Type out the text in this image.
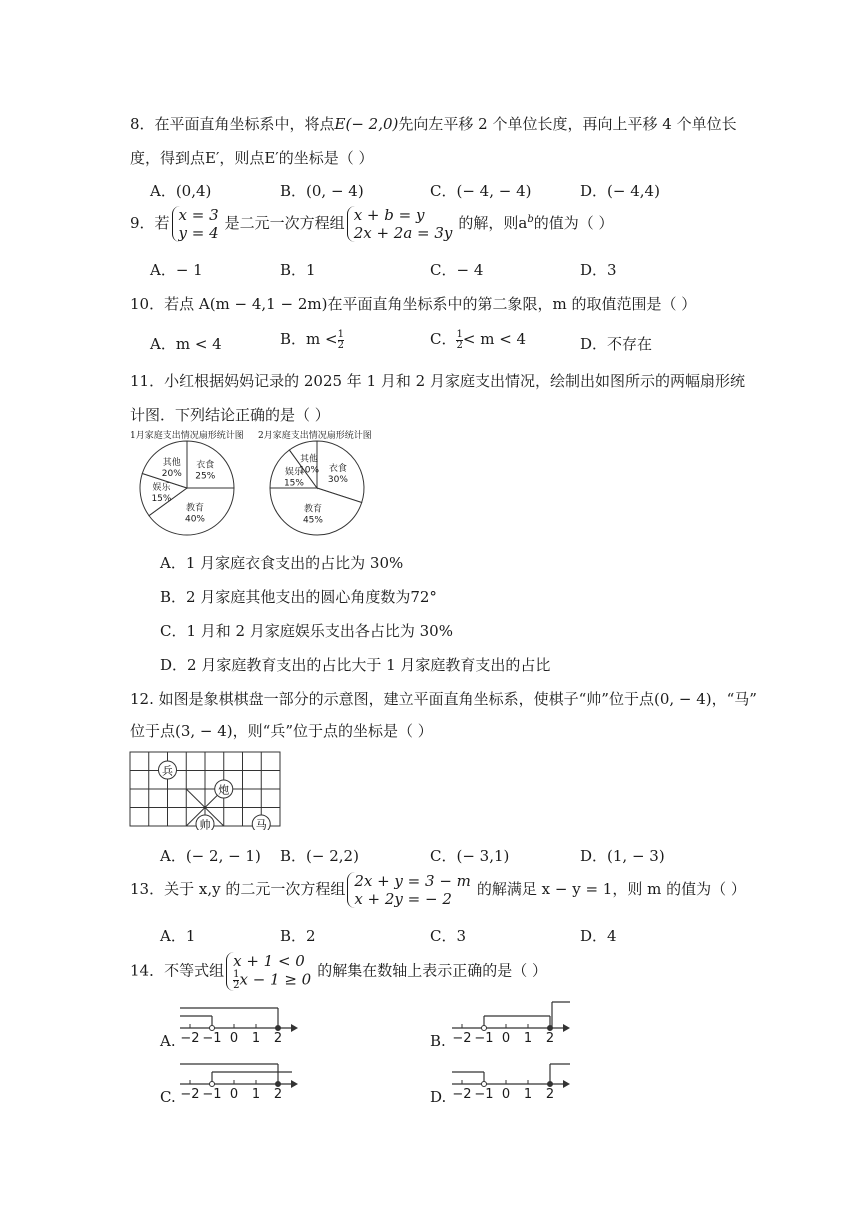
8．在平面直角坐标系中，将点E(− 2,0)先向左平移 2 个单位长度，再向上平移 4 个单位长
度，得到点E′，则点E′的坐标是（ ）
A．(0,4)	B．(0, − 4)	C．(− 4, − 4)	D．(− 4,4)
9．若 x = 3
y = 4是二元一次方程组 x + b = y
2x + 2a = 3y的解，则$a^b$的值为（ ）
A．− 1	B．1	C．− 4	D．3
10．若点 A(m − 4,1 − 2m)在平面直角坐标系中的第二象限，m 的取值范围是（ ）
A．m < 4	B．$m < \frac{1}{2}$	C． $\frac{1}{2} < m < 4$	D．不存在
11．小红根据妈妈记录的 2025 年 1 月和 2 月家庭支出情况，绘制出如图所示的两幅扇形统
计图．下列结论正确的是（ ）
1月家庭支出情况扇形统计图	2月家庭支出情况扇形统计图
衣食
25%
教育
40%
娱乐
15%
其他
20%
衣食
30%
教育
45%
娱乐
15%
其他
10%
A．1 月家庭衣食支出的占比为 30%
B．2 月家庭其他支出的圆心角度数为72°
C．1 月和 2 月家庭娱乐支出各占比为 30%
D．2 月家庭教育支出的占比大于 1 月家庭教育支出的占比
12. 如图是象棋棋盘一部分的示意图，建立平面直角坐标系，使棋子“帅”位于点(0, − 4)，“马”
位于点(3, − 4)，则“兵”位于点的坐标是（ ）
兵
炮
帅	马
A．(− 2, − 1) B．(− 2,2)	C．(− 3,1)	D．(1, − 3)
13．关于 x,y 的二元一次方程组 2x + y = 3 − m
x + 2y = − 2的解满足 x − y = 1，则 m 的值为（ ）
A．1	B．2	C．3	D．4
14．不等式组x + 1 < 0

$\frac{1}{2}$ x − 1 ≥ 0 的解集在数轴上表示正确的是（ ）
A. −2 −1 0 1 2	B. −2 −1 0 1 2
C. −2 −1 0 1 2	D. −2 −1 0 1 2
